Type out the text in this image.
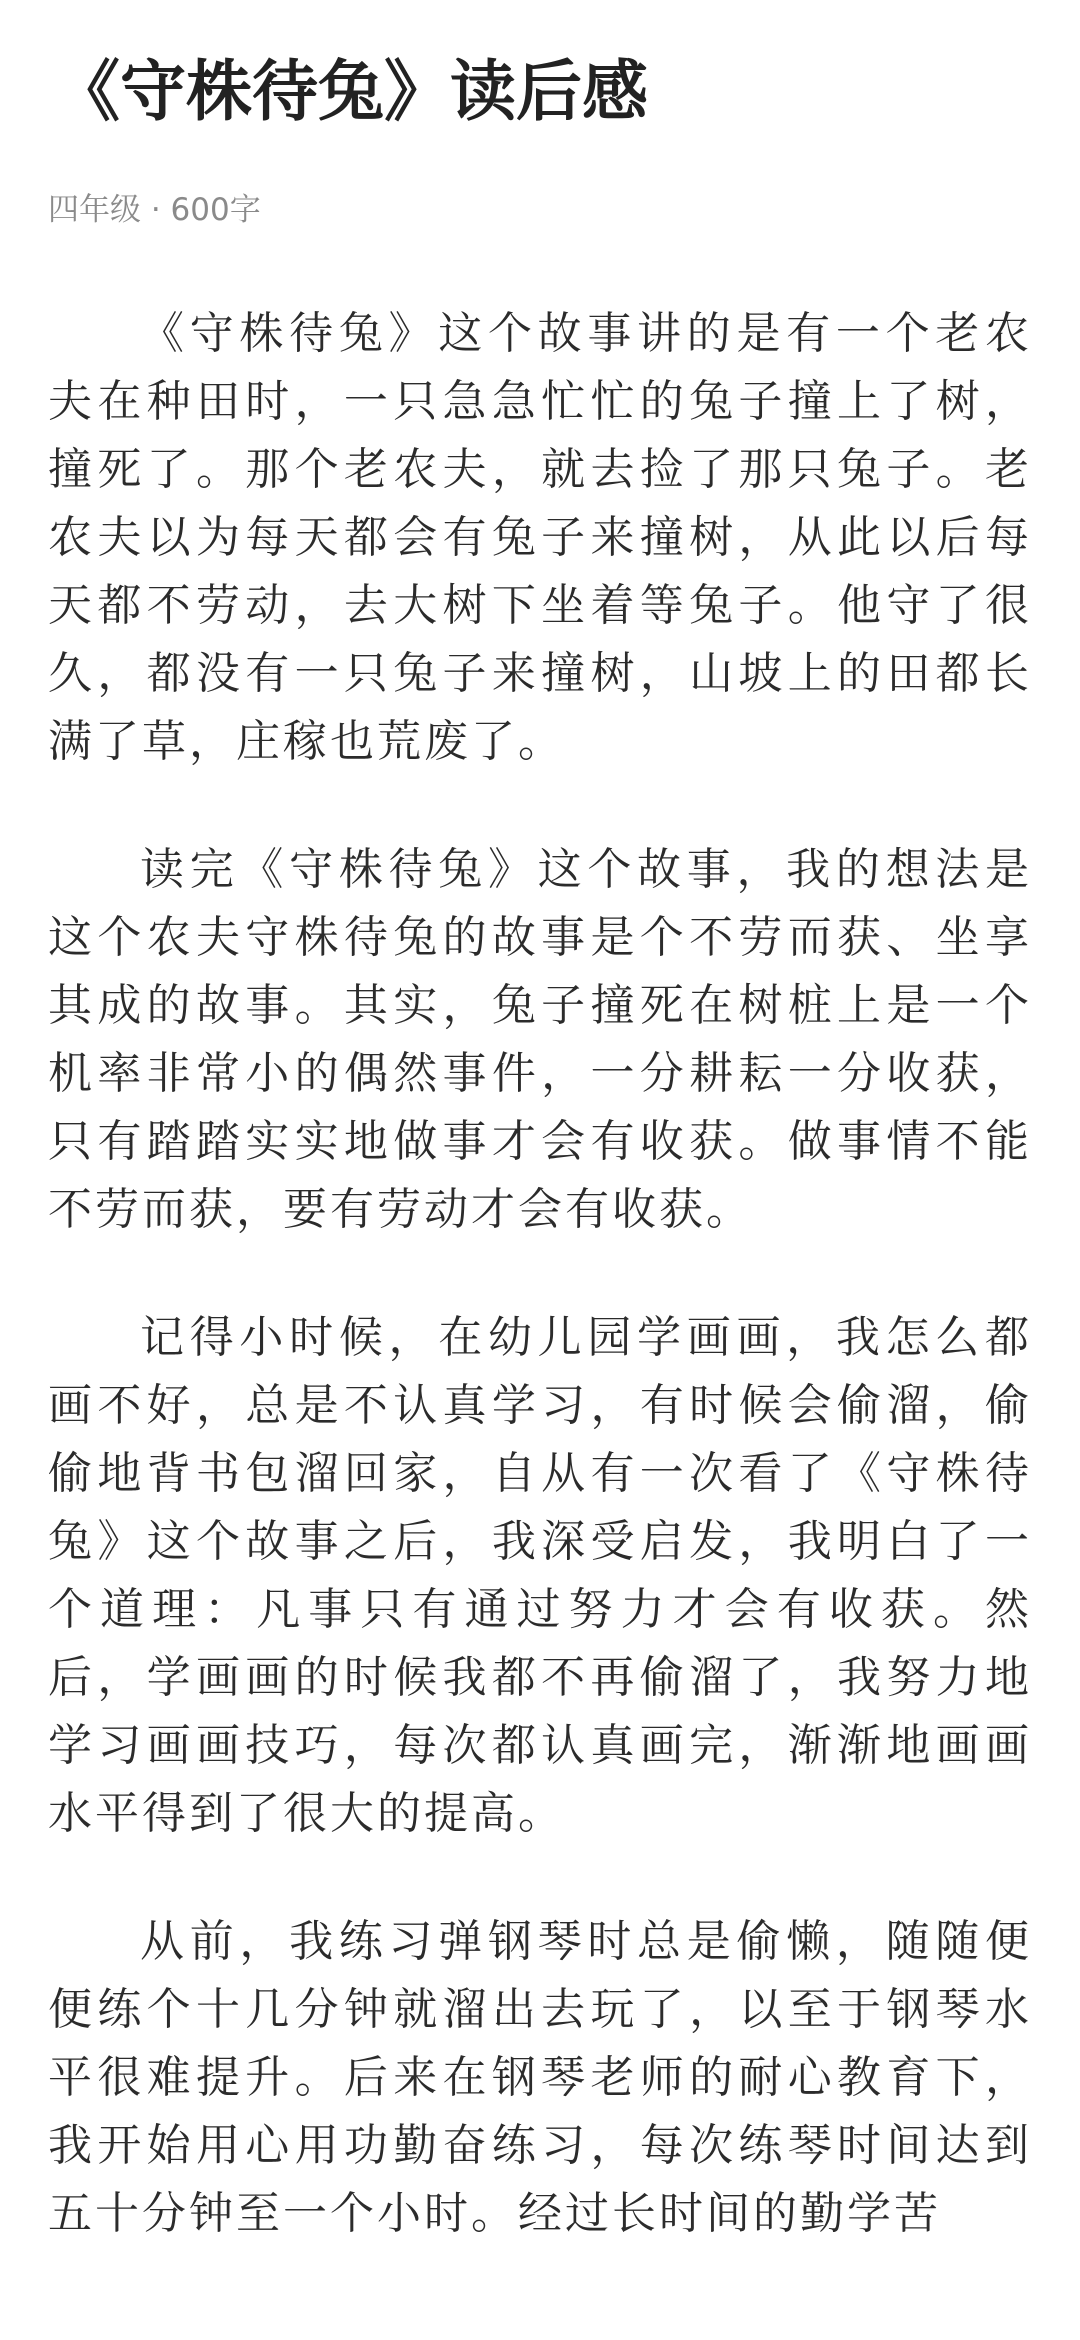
《守株待兔》读后感
四年级 · 600字

《守株待兔》这个故事讲的是有一个老农夫在种田时，一只急急忙忙的兔子撞上了树，撞死了。那个老农夫，就去捡了那只兔子。老农夫以为每天都会有兔子来撞树，从此以后每天都不劳动，去大树下坐着等兔子。他守了很久，都没有一只兔子来撞树，山坡上的田都长满了草，庄稼也荒废了。

读完《守株待兔》这个故事，我的想法是这个农夫守株待兔的故事是个不劳而获、坐享其成的故事。其实，兔子撞死在树桩上是一个机率非常小的偶然事件，一分耕耘一分收获，只有踏踏实实地做事才会有收获。做事情不能不劳而获，要有劳动才会有收获。

记得小时候，在幼儿园学画画，我怎么都画不好，总是不认真学习，有时候会偷溜，偷偷地背书包溜回家，自从有一次看了《守株待兔》这个故事之后，我深受启发，我明白了一个道理：凡事只有通过努力才会有收获。然后，学画画的时候我都不再偷溜了，我努力地学习画画技巧，每次都认真画完，渐渐地画画水平得到了很大的提高。

从前，我练习弹钢琴时总是偷懒，随随便便练个十几分钟就溜出去玩了，以至于钢琴水平很难提升。后来在钢琴老师的耐心教育下，我开始用心用功勤奋练习，每次练琴时间达到五十分钟至一个小时。经过长时间的勤学苦
